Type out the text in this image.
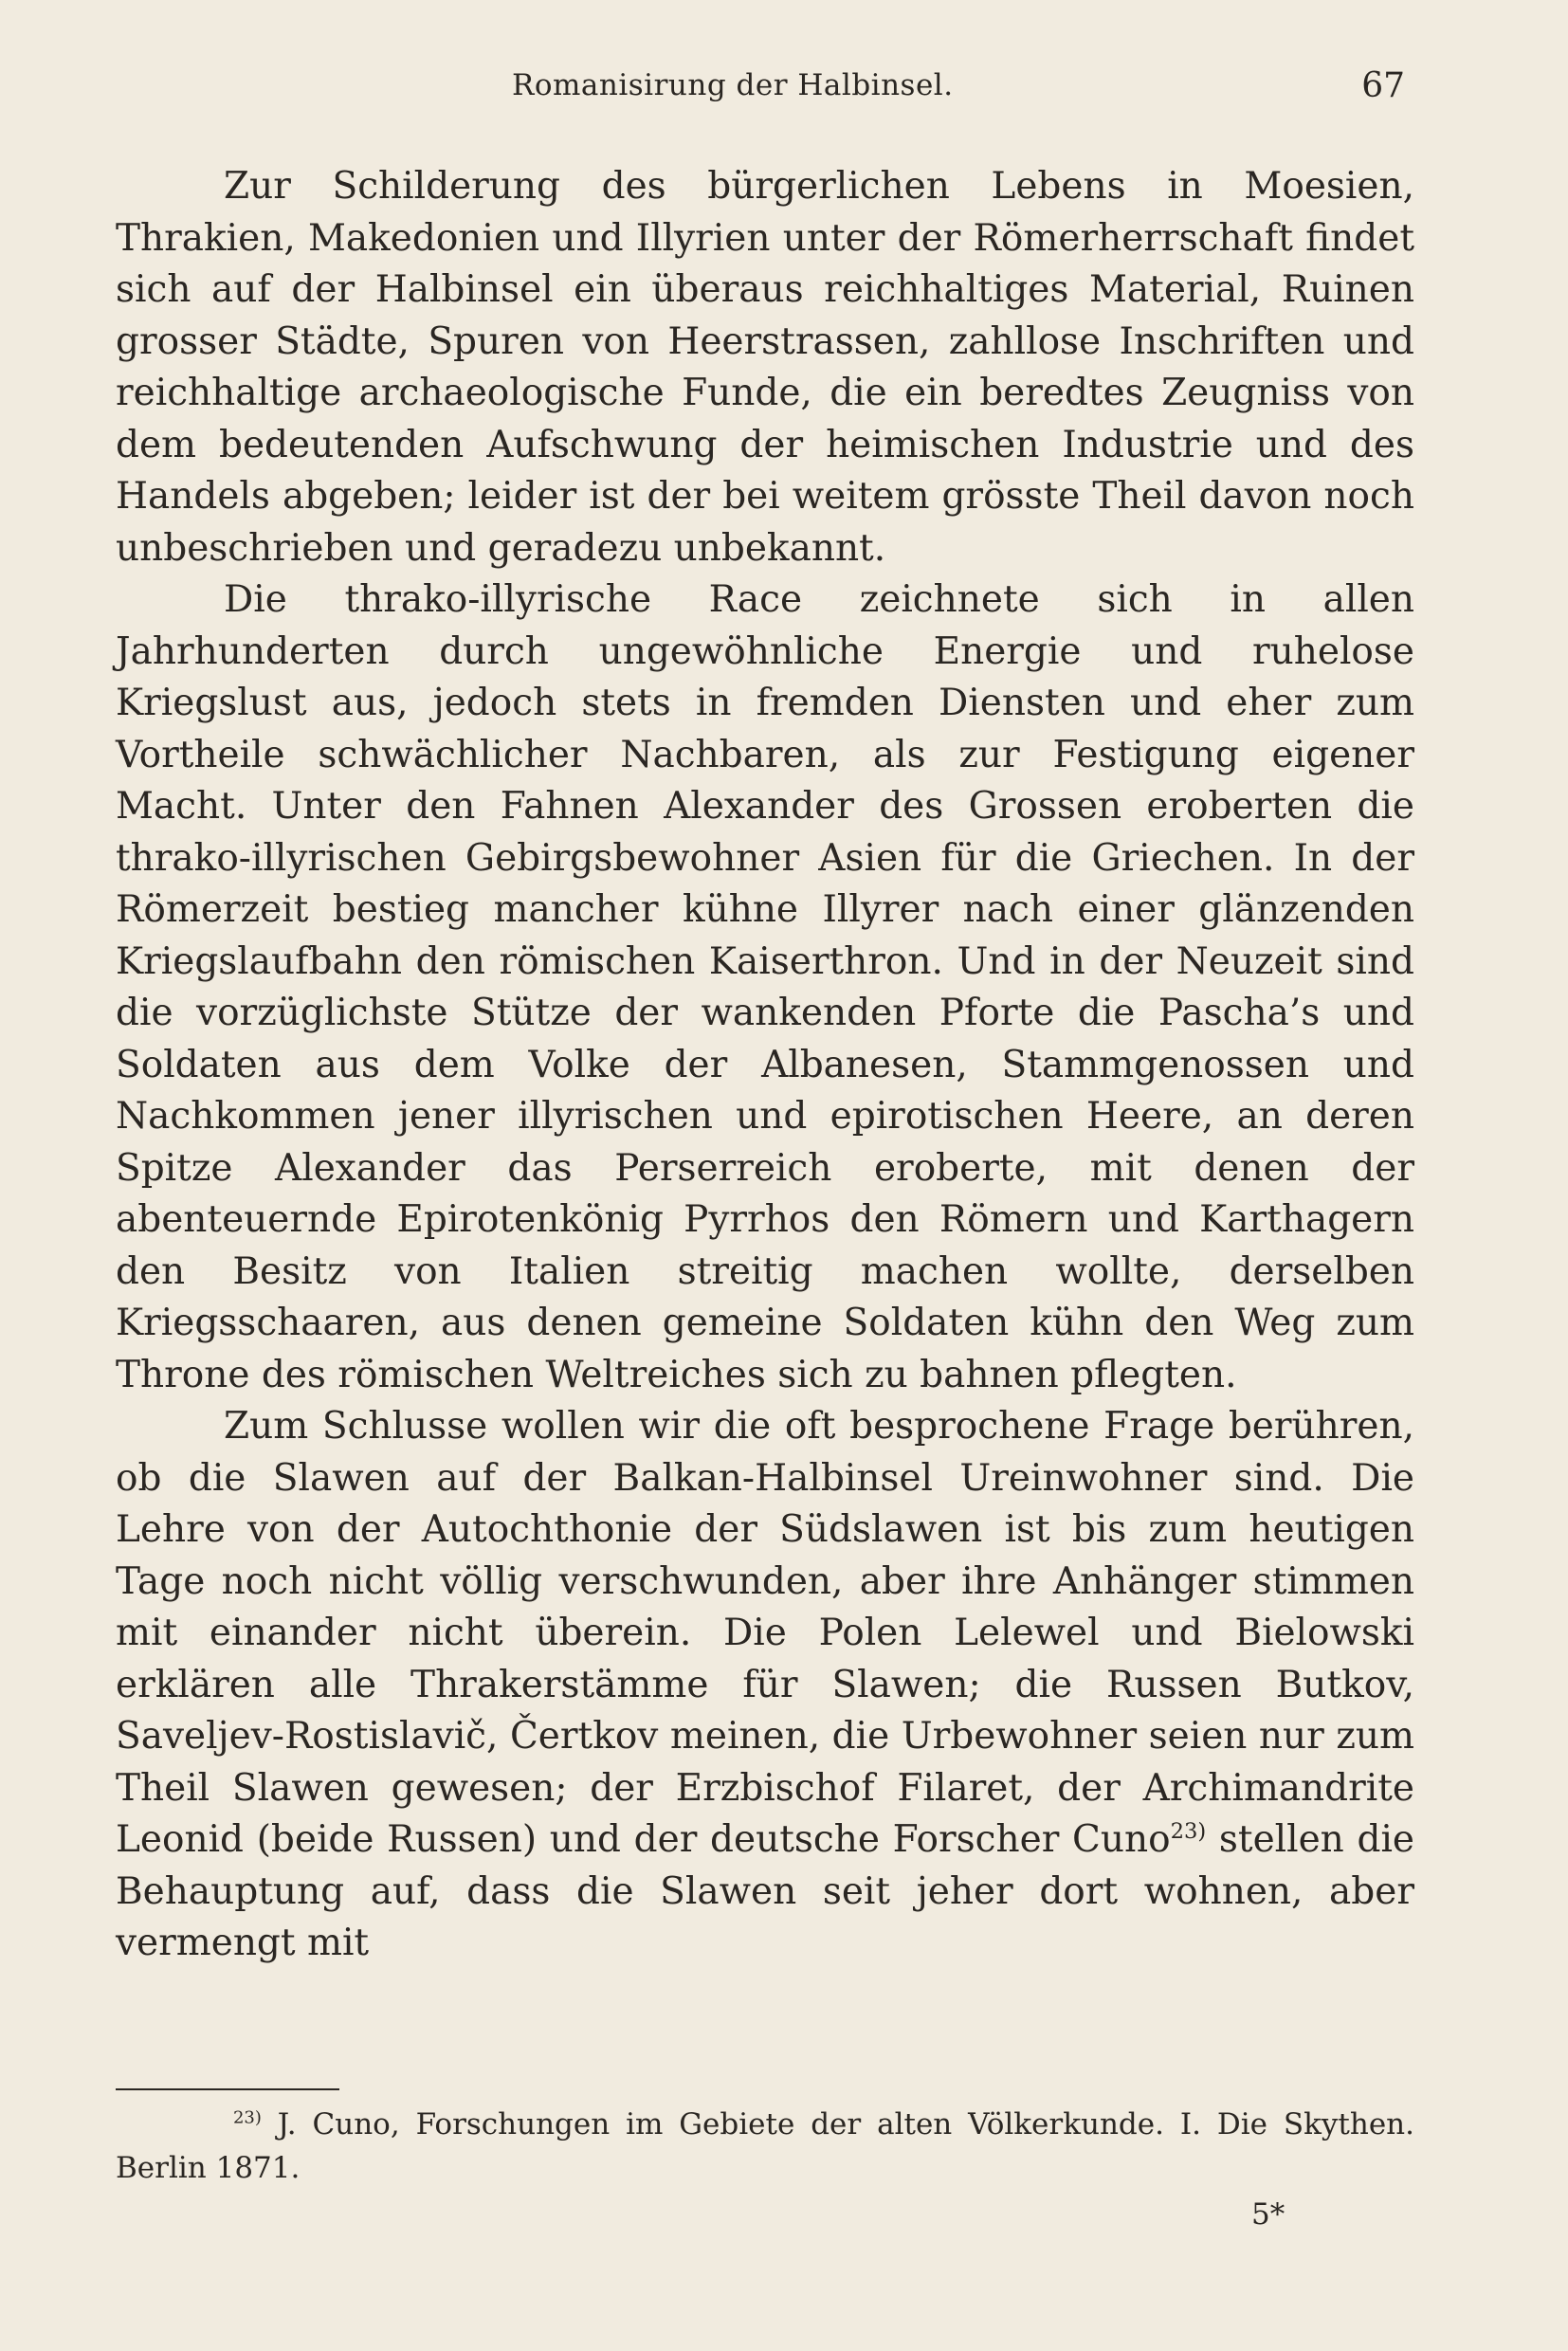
Romanisirung der Halbinsel.	67

Zur Schilderung des bürgerlichen Lebens in Moesien, Thrakien, Makedonien und Illyrien unter der Römerherrschaft findet sich auf der Halbinsel ein überaus reichhaltiges Material, Ruinen grosser Städte, Spuren von Heerstrassen, zahllose Inschriften und reichhaltige archaeologische Funde, die ein beredtes Zeugniss von dem bedeutenden Aufschwung der heimischen Industrie und des Handels abgeben; leider ist der bei weitem grösste Theil davon noch unbeschrieben und geradezu unbekannt.

Die thrako-illyrische Race zeichnete sich in allen Jahrhunderten durch ungewöhnliche Energie und ruhelose Kriegslust aus, jedoch stets in fremden Diensten und eher zum Vortheile schwächlicher Nachbaren, als zur Festigung eigener Macht. Unter den Fahnen Alexander des Grossen eroberten die thrako-illyrischen Gebirgsbewohner Asien für die Griechen. In der Römerzeit bestieg mancher kühne Illyrer nach einer glänzenden Kriegslaufbahn den römischen Kaiserthron. Und in der Neuzeit sind die vorzüglichste Stütze der wankenden Pforte die Pascha’s und Soldaten aus dem Volke der Albanesen, Stammgenossen und Nachkommen jener illyrischen und epirotischen Heere, an deren Spitze Alexander das Perserreich eroberte, mit denen der abenteuernde Epirotenkönig Pyrrhos den Römern und Karthagern den Besitz von Italien streitig machen wollte, derselben Kriegsschaaren, aus denen gemeine Soldaten kühn den Weg zum Throne des römischen Weltreiches sich zu bahnen pflegten.

Zum Schlusse wollen wir die oft besprochene Frage berühren, ob die Slawen auf der Balkan-Halbinsel Ureinwohner sind. Die Lehre von der Autochthonie der Südslawen ist bis zum heutigen Tage noch nicht völlig verschwunden, aber ihre Anhänger stimmen mit einander nicht überein. Die Polen Lelewel und Bielowski erklären alle Thrakerstämme für Slawen; die Russen Butkov, Saveljev-Rostislavič, Čertkov meinen, die Urbewohner seien nur zum Theil Slawen gewesen; der Erzbischof Filaret, der Archimandrite Leonid (beide Russen) und der deutsche Forscher Cuno$^{23)}$ stellen die Behauptung auf, dass die Slawen seit jeher dort wohnen, aber vermengt mit

$^{23)}$ J. Cuno, Forschungen im Gebiete der alten Völkerkunde. I. Die Skythen. Berlin 1871.

5*
